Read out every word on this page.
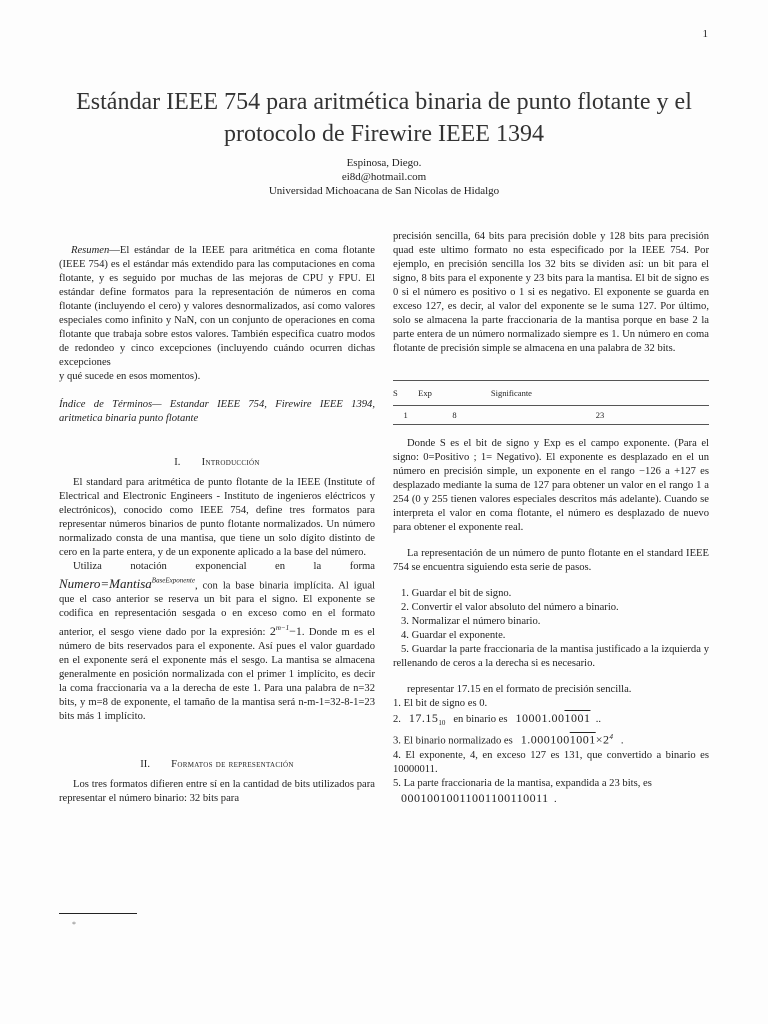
1
Estándar IEEE 754 para aritmética binaria de punto flotante y el protocolo de Firewire IEEE 1394
Espinosa, Diego.
ei8d@hotmail.com
Universidad Michoacana de San Nicolas de Hidalgo

Resumen—El estándar de la IEEE para aritmética en coma flotante (IEEE 754) es el estándar más extendido para las computaciones en coma flotante, y es seguido por muchas de las mejoras de CPU y FPU. El estándar define formatos para la representación de números en coma flotante (incluyendo el cero) y valores desnormalizados, así como valores especiales como infinito y NaN, con un conjunto de operaciones en coma flotante que trabaja sobre estos valores. También especifica cuatro modos de redondeo y cinco excepciones (incluyendo cuándo ocurren dichas excepciones

y qué sucede en esos momentos).

Índice de Términos— Estandar IEEE 754, Firewire IEEE 1394, aritmetica binaria punto flotante

I. Introducción

El standard para aritmética de punto flotante de la IEEE (Institute of Electrical and Electronic Engineers - Instituto de ingenieros eléctricos y electrónicos), conocido como IEEE 754, define tres formatos para representar números binarios de punto flotante normalizados. Un número normalizado consta de una mantisa, que tiene un solo dígito distinto de cero en la parte entera, y de un exponente aplicado a la base del número.

Utiliza notación exponencial en la forma Numero=Mantisa$^{BaseExponente}$, con la base binaria implícita. Al igual que el caso anterior se reserva un bit para el signo. El exponente se codifica en representación sesgada o en exceso como en el formato anterior, el sesgo viene dado por la expresión: $2^{m-1}-1$. Donde m es el número de bits reservados para el exponente. Así pues el valor guardado en el exponente será el exponente más el sesgo. La mantisa se almacena generalmente en posición normalizada con el primer 1 implícito, es decir la coma fraccionaria va a la derecha de este 1. Para una palabra de n=32 bits, y m=8 de exponente, el tamaño de la mantisa será n-m-1=32-8-1=23 bits más 1 implícito.

II. Formatos de representación

Los tres formatos difieren entre sí en la cantidad de bits utilizados para representar el número binario: 32 bits para

*

precisión sencilla, 64 bits para precisión doble y 128 bits para precisión quad este ultimo formato no esta especificado por la IEEE 754. Por ejemplo, en precisión sencilla los 32 bits se dividen así: un bit para el signo, 8 bits para el exponente y 23 bits para la mantisa. El bit de signo es 0 si el número es positivo o 1 si es negativo. El exponente se guarda en exceso 127, es decir, al valor del exponente se le suma 127. Por último, solo se almacena la parte fraccionaria de la mantisa porque en base 2 la parte entera de un número normalizado siempre es 1. Un número en coma flotante de precisión simple se almacena en una palabra de 32 bits.

S	Exp	Significante
1	8	23

Donde S es el bit de signo y Exp es el campo exponente. (Para el signo: 0=Positivo ; 1= Negativo). El exponente es desplazado en el un número en precisión simple, un exponente en el rango −126 a +127 es desplazado mediante la suma de 127 para obtener un valor en el rango 1 a 254 (0 y 255 tienen valores especiales descritos más adelante). Cuando se interpreta el valor en coma flotante, el número es desplazado de nuevo para obtener el exponente real.

La representación de un número de punto flotante en el standard IEEE 754 se encuentra siguiendo esta serie de pasos.

1. Guardar el bit de signo.
2. Convertir el valor absoluto del número a binario.
3. Normalizar el número binario.
4. Guardar el exponente.
5. Guardar la parte fraccionaria de la mantisa justificado a la izquierda y rellenando de ceros a la derecha si es necesario.

representar 17.15 en el formato de precisión sencilla.

1. El bit de signo es 0.

2. $17.15_{10}$ en binario es 10001.001001 ..

3. El binario normalizado es $1.0001001001\times 2^4$ .

4. El exponente, 4, en exceso 127 es 131, que convertido a binario es 10000011.

5. La parte fraccionaria de la mantisa, expandida a 23 bits, es

00010010011001100110011 .
